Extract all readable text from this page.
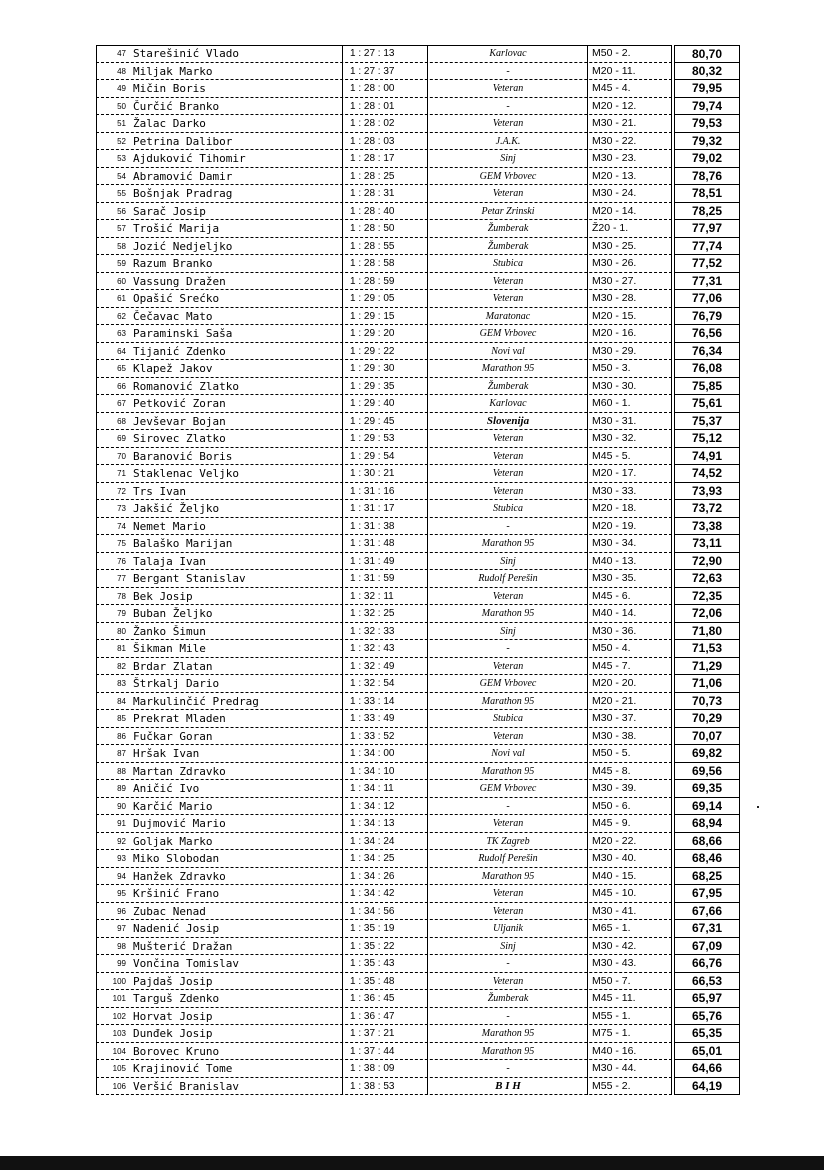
47 Starešinić Vlado	1 : 27 : 13	Karlovac	M50 - 2.	80,70
48 Miljak Marko	1 : 27 : 37	-	M20 - 11.	80,32
49 Mičin Boris	1 : 28 : 00	Veteran	M45 - 4.	79,95
50 Čurčić Branko	1 : 28 : 01	-	M20 - 12.	79,74
51 Žalac Darko	1 : 28 : 02	Veteran	M30 - 21.	79,53
52 Petrina Dalibor	1 : 28 : 03	J.A.K.	M30 - 22.	79,32
53 Ajduković Tihomir	1 : 28 : 17	Sinj	M30 - 23.	79,02
54 Abramović Damir	1 : 28 : 25	GEM Vrbovec	M20 - 13.	78,76
55 Bošnjak Pradrag	1 : 28 : 31	Veteran	M30 - 24.	78,51
56 Sarač Josip	1 : 28 : 40	Petar Zrinski	M20 - 14.	78,25
57 Trošić Marija	1 : 28 : 50	Žumberak	Ž20 - 1.	77,97
58 Jozić Nedjeljko	1 : 28 : 55	Žumberak	M30 - 25.	77,74
59 Razum Branko	1 : 28 : 58	Stubica	M30 - 26.	77,52
60 Vassung Dražen	1 : 28 : 59	Veteran	M30 - 27.	77,31
61 Opašić Srećko	1 : 29 : 05	Veteran	M30 - 28.	77,06
62 Čečavac Mato	1 : 29 : 15	Maratonac	M20 - 15.	76,79
63 Paraminski Saša	1 : 29 : 20	GEM Vrbovec	M20 - 16.	76,56
64 Tijanić Zdenko	1 : 29 : 22	Novi val	M30 - 29.	76,34
65 Klapež Jakov	1 : 29 : 30	Marathon 95	M50 - 3.	76,08
66 Romanović Zlatko	1 : 29 : 35	Žumberak	M30 - 30.	75,85
67 Petković Zoran	1 : 29 : 40	Karlovac	M60 - 1.	75,61
68 Jevševar Bojan	1 : 29 : 45	Slovenija	M30 - 31.	75,37
69 Sirovec Zlatko	1 : 29 : 53	Veteran	M30 - 32.	75,12
70 Baranović Boris	1 : 29 : 54	Veteran	M45 - 5.	74,91
71 Staklenac Veljko	1 : 30 : 21	Veteran	M20 - 17.	74,52
72 Trs Ivan	1 : 31 : 16	Veteran	M30 - 33.	73,93
73 Jakšić Željko	1 : 31 : 17	Stubica	M20 - 18.	73,72
74 Nemet Mario	1 : 31 : 38	-	M20 - 19.	73,38
75 Balaško Marijan	1 : 31 : 48	Marathon 95	M30 - 34.	73,11
76 Talaja Ivan	1 : 31 : 49	Sinj	M40 - 13.	72,90
77 Bergant Stanislav	1 : 31 : 59	Rudolf Perešin	M30 - 35.	72,63
78 Bek Josip	1 : 32 : 11	Veteran	M45 - 6.	72,35
79 Buban Željko	1 : 32 : 25	Marathon 95	M40 - 14.	72,06
80 Žanko Šimun	1 : 32 : 33	Sinj	M30 - 36.	71,80
81 Šikman Mile	1 : 32 : 43	-	M50 - 4.	71,53
82 Brdar Zlatan	1 : 32 : 49	Veteran	M45 - 7.	71,29
83 Štrkalj Dario	1 : 32 : 54	GEM Vrbovec	M20 - 20.	71,06
84 Markulinčić Predrag	1 : 33 : 14	Marathon 95	M20 - 21.	70,73
85 Prekrat Mladen	1 : 33 : 49	Stubica	M30 - 37.	70,29
86 Fučkar Goran	1 : 33 : 52	Veteran	M30 - 38.	70,07
87 Hršak Ivan	1 : 34 : 00	Novi val	M50 - 5.	69,82
88 Martan Zdravko	1 : 34 : 10	Marathon 95	M45 - 8.	69,56
89 Aničić Ivo	1 : 34 : 11	GEM Vrbovec	M30 - 39.	69,35
90 Karčić Mario	1 : 34 : 12	-	M50 - 6.	69,14
91 Dujmović Mario	1 : 34 : 13	Veteran	M45 - 9.	68,94
92 Goljak Marko	1 : 34 : 24	TK Zagreb	M20 - 22.	68,66
93 Miko Slobodan	1 : 34 : 25	Rudolf Perešin	M30 - 40.	68,46
94 Hanžek Zdravko	1 : 34 : 26	Marathon 95	M40 - 15.	68,25
95 Kršinić Frano	1 : 34 : 42	Veteran	M45 - 10.	67,95
96 Zubac Nenad	1 : 34 : 56	Veteran	M30 - 41.	67,66
97 Nadenić Josip	1 : 35 : 19	Uljanik	M65 - 1.	67,31
98 Mušterić Dražan	1 : 35 : 22	Sinj	M30 - 42.	67,09
99 Vončina Tomislav	1 : 35 : 43	-	M30 - 43.	66,76
100 Pajdaš Josip	1 : 35 : 48	Veteran	M50 - 7.	66,53
101 Targuš Zdenko	1 : 36 : 45	Žumberak	M45 - 11.	65,97
102 Horvat Josip	1 : 36 : 47	-	M55 - 1.	65,76
103 Dunđek Josip	1 : 37 : 21	Marathon 95	M75 - 1.	65,35
104 Borovec Kruno	1 : 37 : 44	Marathon 95	M40 - 16.	65,01
105 Krajinović Tome	1 : 38 : 09	-	M30 - 44.	64,66
106 Veršić Branislav	1 : 38 : 53	B I H	M55 - 2.	64,19
